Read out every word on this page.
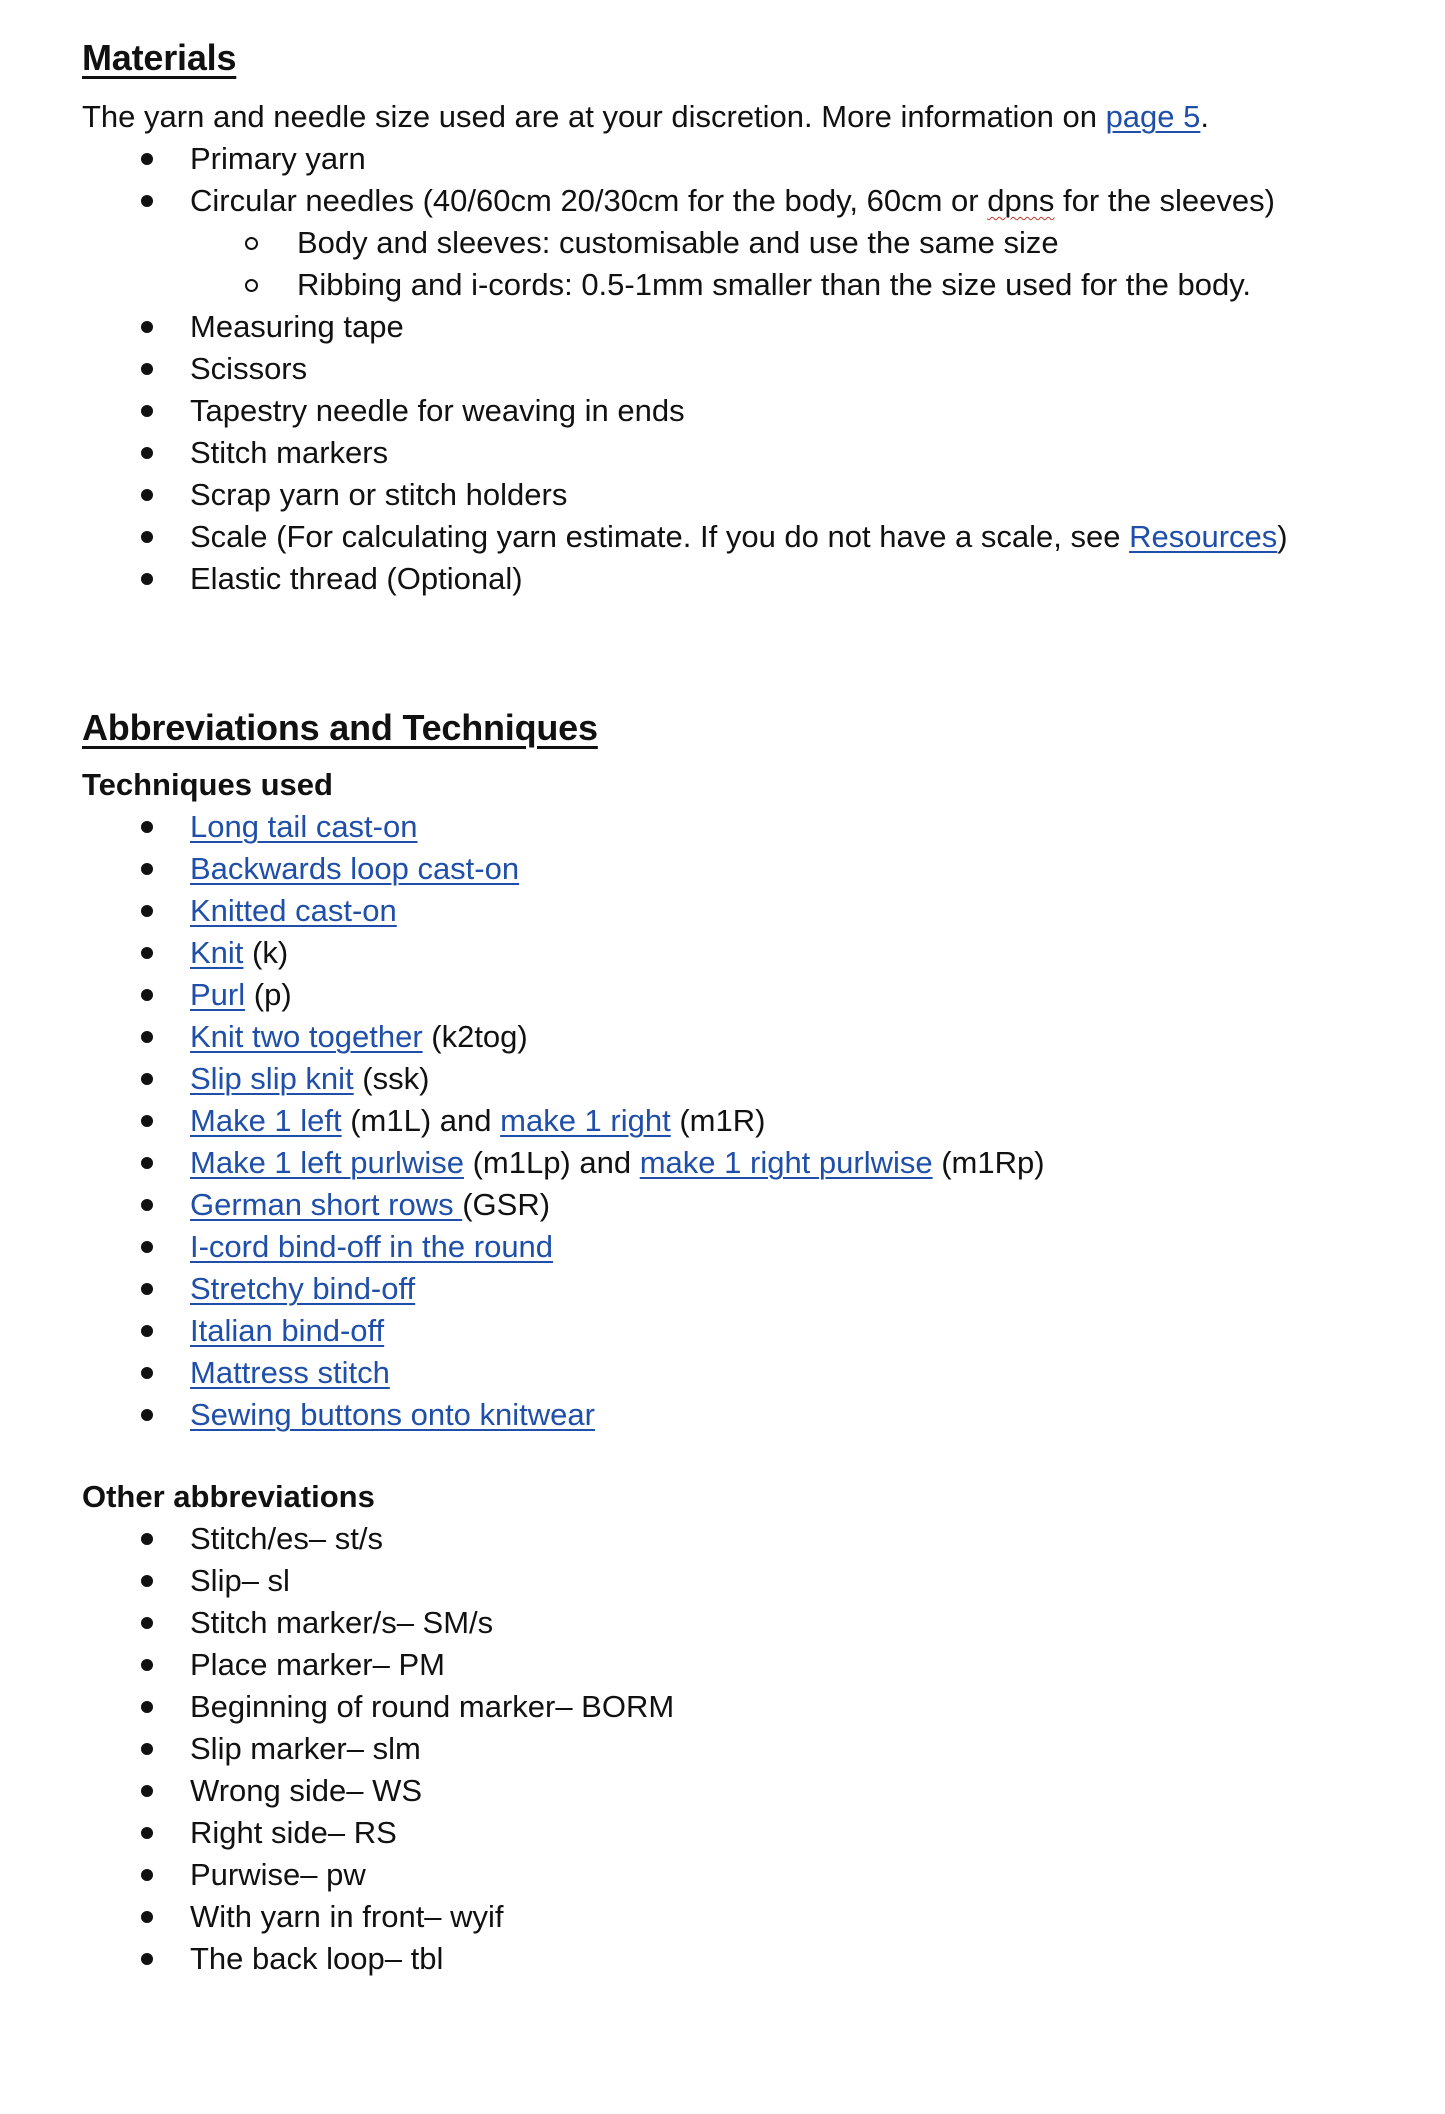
Materials

The yarn and needle size used are at your discretion. More information on page 5.

Primary yarn
Circular needles (40/60cm 20/30cm for the body, 60cm or dpns for the sleeves)
Body and sleeves: customisable and use the same size
Ribbing and i-cords: 0.5-1mm smaller than the size used for the body.
Measuring tape
Scissors
Tapestry needle for weaving in ends
Stitch markers
Scrap yarn or stitch holders
Scale (For calculating yarn estimate. If you do not have a scale, see Resources)
Elastic thread (Optional)
Abbreviations and Techniques
Techniques used
Long tail cast-on
Backwards loop cast-on
Knitted cast-on
Knit (k)
Purl (p)
Knit two together (k2tog)
Slip slip knit (ssk)
Make 1 left (m1L) and make 1 right (m1R)
Make 1 left purlwise (m1Lp) and make 1 right purlwise (m1Rp)
German short rows (GSR)
I-cord bind-off in the round
Stretchy bind-off
Italian bind-off
Mattress stitch
Sewing buttons onto knitwear
Other abbreviations
Stitch/es– st/s
Slip– sl
Stitch marker/s– SM/s
Place marker– PM
Beginning of round marker– BORM
Slip marker– slm
Wrong side– WS
Right side– RS
Purwise– pw
With yarn in front– wyif
The back loop– tbl
